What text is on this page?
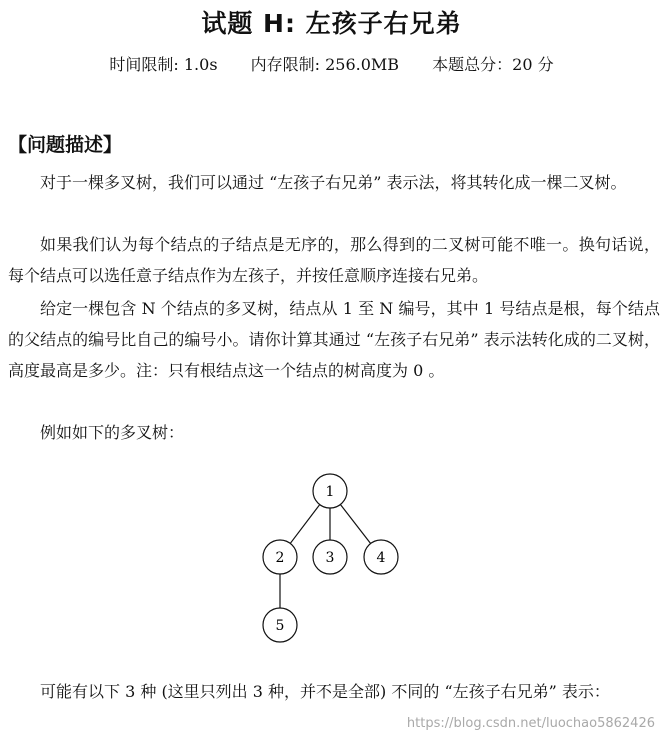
试题 H: 左孩子右兄弟
时间限制: 1.0s 内存限制: 256.0MB 本题总分：20 分
【问题描述】

对于一棵多叉树，我们可以通过 “左孩子右兄弟” 表示法，将其转化成一棵二叉树。

如果我们认为每个结点的子结点是无序的，那么得到的二叉树可能不唯一。换句话说，每个结点可以选任意子结点作为左孩子，并按任意顺序连接右兄弟。

给定一棵包含 N 个结点的多叉树，结点从 1 至 N 编号，其中 1 号结点是根，每个结点的父结点的编号比自己的编号小。请你计算其通过 “左孩子右兄弟” 表示法转化成的二叉树，高度最高是多少。注：只有根结点这一个结点的树高度为 0 。

例如如下的多叉树：

1
2	3	4
5

可能有以下 3 种 (这里只列出 3 种，并不是全部) 不同的 “左孩子右兄弟” 表示：

https://blog.csdn.net/luochao5862426
